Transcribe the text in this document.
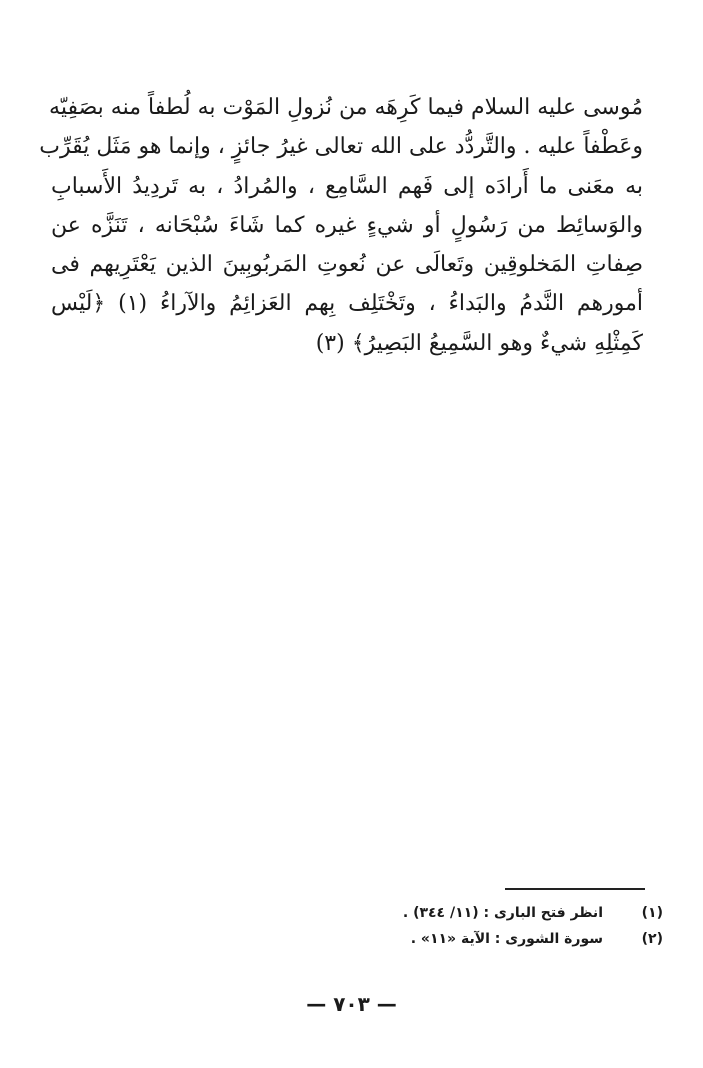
مُوسى عليه السلام فيما كَرِهَه من نُزولِ المَوْت به لُطفاً منه بصَفِيّه
وعَطْفاً عليه . والتَّردُّد على الله تعالى غيرُ جائزٍ ، وإنما هو مَثَل يُقَرِّب
به معَنى ما أَرادَه إلى فَهم السَّامِع ، والمُرادُ ، به تَردِيدُ الأَسبابِ
والوَسائِط من رَسُولٍ أو شيءٍ غيره كما شَاءَ سُبْحَانه ، تَنَزَّه عن
صِفاتِ المَخلوقِين وتَعالَى عن نُعوتِ المَربُوبِينَ الذين يَعْتَرِيهم فى
أمورهم النَّدمُ والبَداءُ ، وتَخْتَلِف بِهم العَزائِمُ والآراءُ (١) ﴿لَيْس
كَمِثْلِهِ شيءٌ وهو السَّمِيعُ البَصِيرُ﴾ (٣)
(١)
انظر فتح البارى : (١١/ ٣٤٤) .
(٢)
سورة الشورى : الآية «١١» .
— ٧٠٣ —
